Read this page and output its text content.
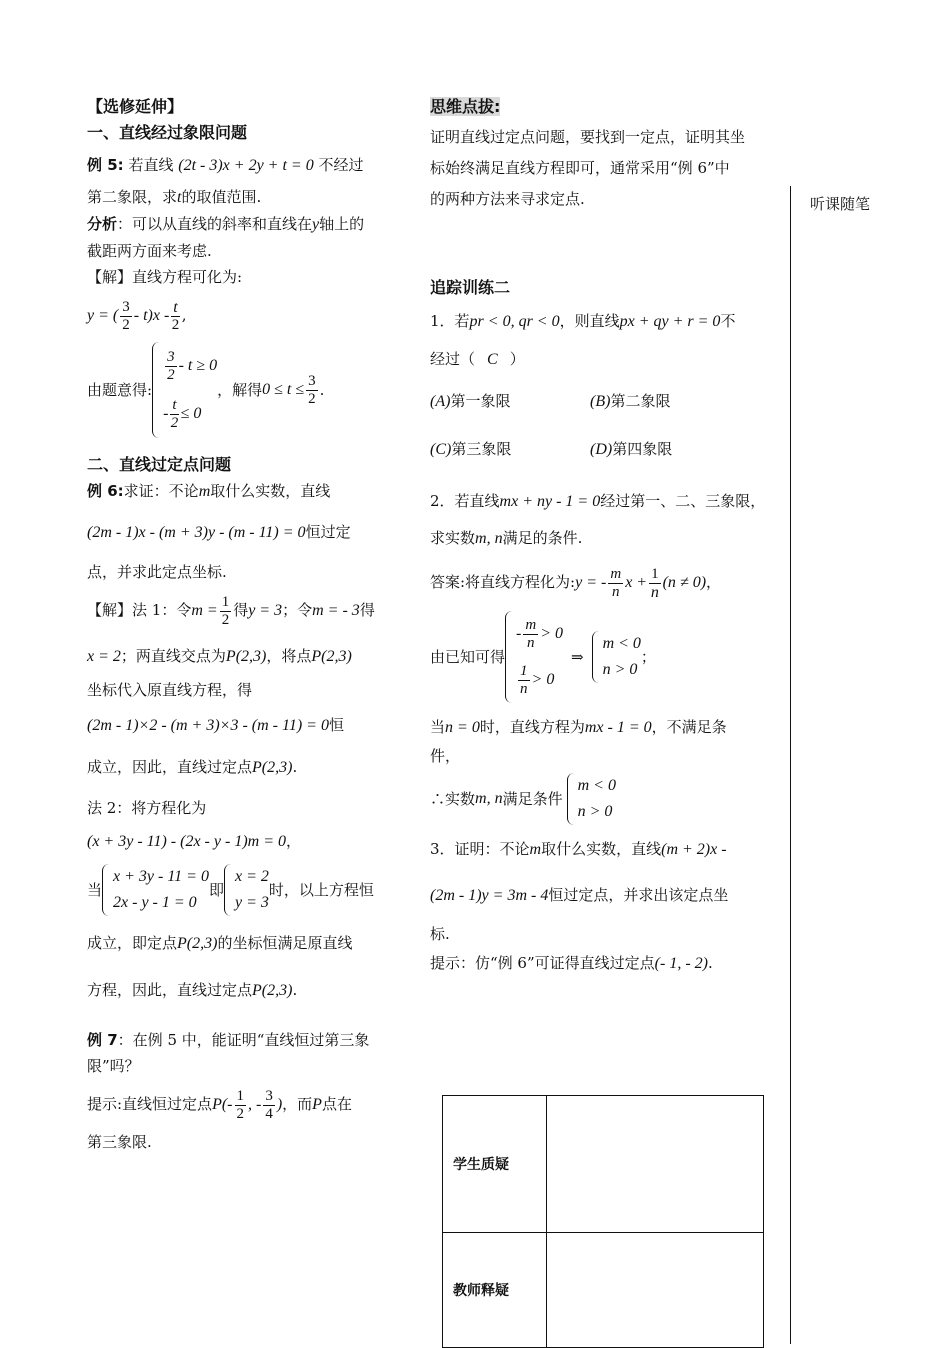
听课随笔
【选修延伸】
一、直线经过象限问题
例 5: 若直线 (2t - 3)x + 2y + t = 0 不经过
第二象限，求t的取值范围.
分析：可以从直线的斜率和直线在y轴上的
截距两方面来考虑.
【解】直线方程可化为:
y = ( $\frac{3}{2} - t)x - \frac{t}{2}$ ,
由题意得:
$\frac{3}{2} - t \ge 0$
- $\frac{t}{2} \le 0$
，解得 $0 \le t \le \frac{3}{2}$ .
二、直线过定点问题
例 6:求证：不论m取什么实数，直线
(2m - 1)x - (m + 3)y - (m - 11) = 0恒过定
点，并求此定点坐标.
【解】法 1：令$m = \frac{1}{2}$ 得y = 3；令m = - 3得
x = 2；两直线交点为P(2,3)，将点P(2,3)
坐标代入原直线方程，得
(2m - 1)×2 - (m + 3)×3 - (m - 11) = 0恒
成立，因此，直线过定点P(2,3).
法 2：将方程化为
(x + 3y - 11) - (2x - y - 1)m = 0，
当
x + 3y - 11 = 0
2x - y - 1 = 0
即
x = 2
y = 3
时，以上方程恒
成立，即定点P(2,3)的坐标恒满足原直线
方程，因此，直线过定点P(2,3).
例 7：在例 5 中，能证明“直线恒过第三象
限”吗？
提示:直线恒过定点$P(- \frac{1}{2}$ , - $\frac{3}{4}$ )，而P点在
第三象限.
思维点拔:
证明直线过定点问题，要找到一定点，证明其坐
标始终满足直线方程即可，通常采用“例 6”中
的两种方法来寻求定点.
追踪训练二
1．若pr < 0, qr < 0，则直线px + qy + r = 0不
经过（ C ）
(A)第一象限	(B)第二象限
(C)第三象限	(D)第四象限
2．若直线mx + ny - 1 = 0经过第一、二、三象限，
求实数m, n满足的条件.
答案:将直线方程化为:y = - $\frac{m}{n}$ $x + \frac{1}{n} (n \ne 0)$，
由已知可得
- $\frac{m}{n} > 0$
$\frac{1}{n} > 0$
⇒
m < 0
n > 0
；
当n = 0时，直线方程为mx - 1 = 0，不满足条
件，
∴实数 m, n 满足条件
m < 0
n > 0
3．证明：不论m取什么实数，直线(m + 2)x -
(2m - 1)y = 3m - 4恒过定点，并求出该定点坐
标.
提示：仿“例 6”可证得直线过定点(- 1, - 2).
学生质疑	
教师释疑	
